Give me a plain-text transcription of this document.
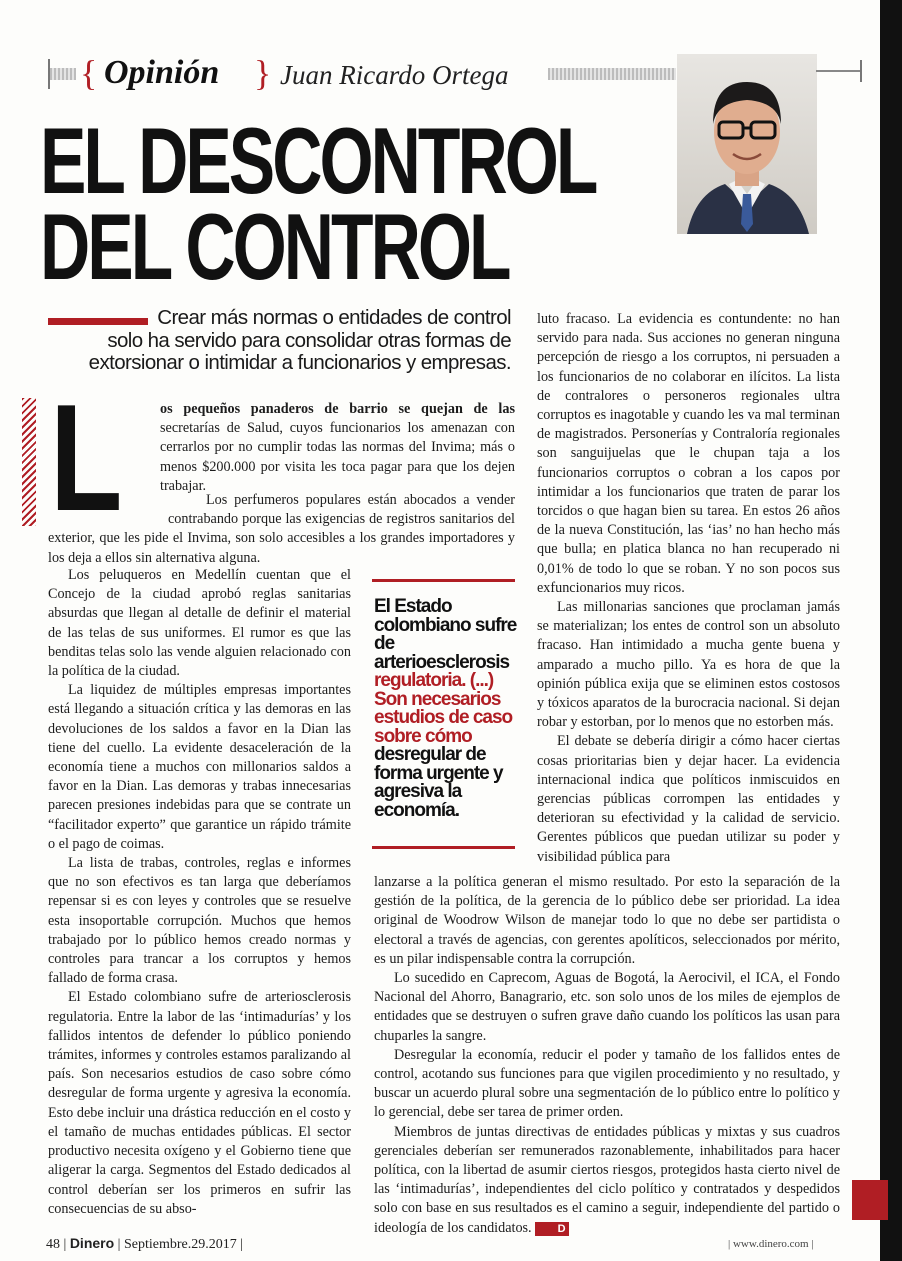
{ Opinión } Juan Ricardo Ortega
EL DESCONTROL
DEL CONTROL
Crear más normas o entidades de control solo ha servido para consolidar otras formas de extorsionar o intimidar a funcionarios y empresas.
L	os pequeños panaderos de barrio se quejan de las secretarías de Salud, cuyos funcionarios los amenazan con cerrarlos por no cumplir todas las normas del Invima; más o menos $200.000 por visita les toca pagar para que los dejen trabajar.

Los perfumeros populares están abocados a vender contrabando porque las exigencias de registros sanitarios del exterior, que les pide el Invima, son solo accesibles a los grandes importadores y los deja a ellos sin alternativa alguna.

Los peluqueros en Medellín cuentan que el Concejo de la ciudad aprobó reglas sanitarias absurdas que llegan al detalle de definir el material de las telas de sus uniformes. El rumor es que las benditas telas solo las vende alguien relacionado con la política de la ciudad.

La liquidez de múltiples empresas importantes está llegando a situación crítica y las demoras en las devoluciones de los saldos a favor en la Dian las tiene del cuello. La evidente desaceleración de la economía tiene a muchos con millonarios saldos a favor en la Dian. Las demoras y trabas innecesarias parecen presiones indebidas para que se contrate un “facilitador experto” que garantice un rápido trámite o el pago de coimas.

La lista de trabas, controles, reglas e informes que no son efectivos es tan larga que deberíamos repensar si es con leyes y controles que se resuelve esta insoportable corrupción. Muchos que hemos trabajado por lo público hemos creado normas y controles para trancar a los corruptos y hemos fallado de forma crasa.

El Estado colombiano sufre de arteriosclerosis regulatoria. Entre la labor de las ‘intimadurías’ y los fallidos intentos de defender lo público poniendo trámites, informes y controles estamos paralizando al país. Son necesarios estudios de caso sobre cómo desregular de forma urgente y agresiva la economía. Esto debe incluir una drástica reducción en el costo y el tamaño de muchas entidades públicas. El sector productivo necesita oxígeno y el Gobierno tiene que aligerar la carga. Segmentos del Estado dedicados al control deberían ser los primeros en sufrir las consecuencias de su abso-

El Estado colombiano sufre de arterioesclerosis regulatoria. (...) Son necesarios estudios de caso sobre cómo desregular de forma urgente y agresiva la economía.

luto fracaso. La evidencia es contundente: no han servido para nada. Sus acciones no generan ninguna percepción de riesgo a los corruptos, ni persuaden a los funcionarios de no colaborar en ilícitos. La lista de contralores o personeros regionales ultra corruptos es inagotable y cuando les va mal terminan de magistrados. Personerías y Contraloría regionales son sanguijuelas que le chupan taja a los funcionarios corruptos o cobran a los capos por intimidar a los funcionarios que traten de parar los torcidos o que hagan bien su tarea. En estos 26 años de la nueva Constitución, las ‘ias’ no han hecho más que bulla; en platica blanca no han recuperado ni 0,01% de todo lo que se roban. Y no son pocos sus exfuncionarios muy ricos.

Las millonarias sanciones que proclaman jamás se materializan; los entes de control son un absoluto fracaso. Han intimidado a mucha gente buena y amparado a mucho pillo. Ya es hora de que la opinión pública exija que se eliminen estos costosos y tóxicos aparatos de la burocracia nacional. Si dejan robar y estorban, por lo menos que no estorben más.

El debate se debería dirigir a cómo hacer ciertas cosas prioritarias bien y dejar hacer. La evidencia internacional indica que políticos inmiscuidos en gerencias públicas corrompen las entidades y deterioran su efectividad y la calidad de servicio. Gerentes públicos que puedan utilizar su poder y visibilidad pública para

lanzarse a la política generan el mismo resultado. Por esto la separación de la gestión de la política, de la gerencia de lo público debe ser prioridad. La idea original de Woodrow Wilson de manejar todo lo que no debe ser partidista o electoral a través de agencias, con gerentes apolíticos, seleccionados por mérito, es un pilar indispensable contra la corrupción.

Lo sucedido en Caprecom, Aguas de Bogotá, la Aerocivil, el ICA, el Fondo Nacional del Ahorro, Banagrario, etc. son solo unos de los miles de ejemplos de entidades que se destruyen o sufren grave daño cuando los políticos las usan para chuparles la sangre.

Desregular la economía, reducir el poder y tamaño de los fallidos entes de control, acotando sus funciones para que vigilen procedimiento y no resultado, y buscar un acuerdo plural sobre una segmentación de lo público entre lo político y lo gerencial, debe ser tarea de primer orden.

Miembros de juntas directivas de entidades públicas y mixtas y sus cuadros gerenciales deberían ser remunerados razonablemente, inhabilitados para hacer política, con la libertad de asumir ciertos riesgos, protegidos hasta cierto nivel de las ‘intimadurías’, independientes del ciclo político y contratados y despedidos solo con base en sus resultados es el camino a seguir, independiente del partido o ideología de los candidatos. D

48 | Dinero | Septiembre.29.2017 |	| www.dinero.com |
